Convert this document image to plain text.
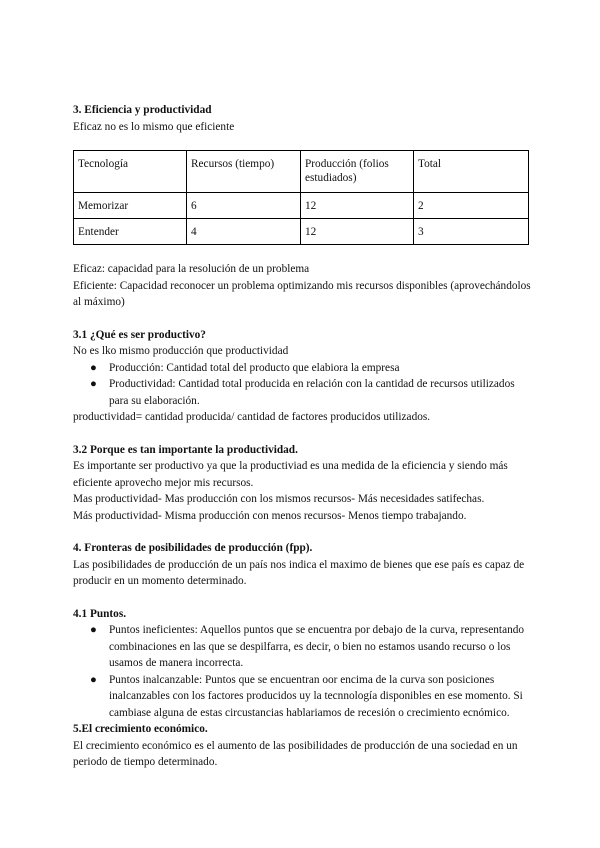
3. Eficiencia y productividad

Eficaz no es lo mismo que eficiente

Tecnología	Recursos (tiempo)	Producción (folios estudiados)	Total
Memorizar	6	12	2
Entender	4	12	3

Eficaz: capacidad para la resolución de un problema

Eficiente: Capacidad reconocer un problema optimizando mis recursos disponibles (aprovechándolos al máximo)

3.1 ¿Qué es ser productivo?

No es lko mismo producción que productividad

● Producción: Cantidad total del producto que elabiora la empresa
● Productividad: Cantidad total producida en relación con la cantidad de recursos utilizados para su elaboración.

productividad= cantidad producida/ cantidad de factores producidos utilizados.

3.2 Porque es tan importante la productividad.

Es importante ser productivo ya que la productiviad es una medida de la eficiencia y siendo más eficiente aprovecho mejor mis recursos.

Mas productividad- Mas producción con los mismos recursos- Más necesidades satifechas.

Más productividad- Misma producción con menos recursos- Menos tiempo trabajando.

4. Fronteras de posibilidades de producción (fpp).

Las posibilidades de producción de un país nos indica el maximo de bienes que ese país es capaz de producir en un momento determinado.

4.1 Puntos.
● Puntos ineficientes: Aquellos puntos que se encuentra por debajo de la curva, representando combinaciones en las que se despilfarra, es decir, o bien no estamos usando recurso o los usamos de manera incorrecta.
● Puntos inalcanzable: Puntos que se encuentran oor encima de la curva son posiciones inalcanzables con los factores producidos uy la tecnnología disponibles en ese momento. Si cambiase alguna de estas circustancias hablariamos de recesión o crecimiento ecnómico.
5.El crecimiento económico.

El crecimiento económico es el aumento de las posibilidades de producción de una sociedad en un periodo de tiempo determinado.
